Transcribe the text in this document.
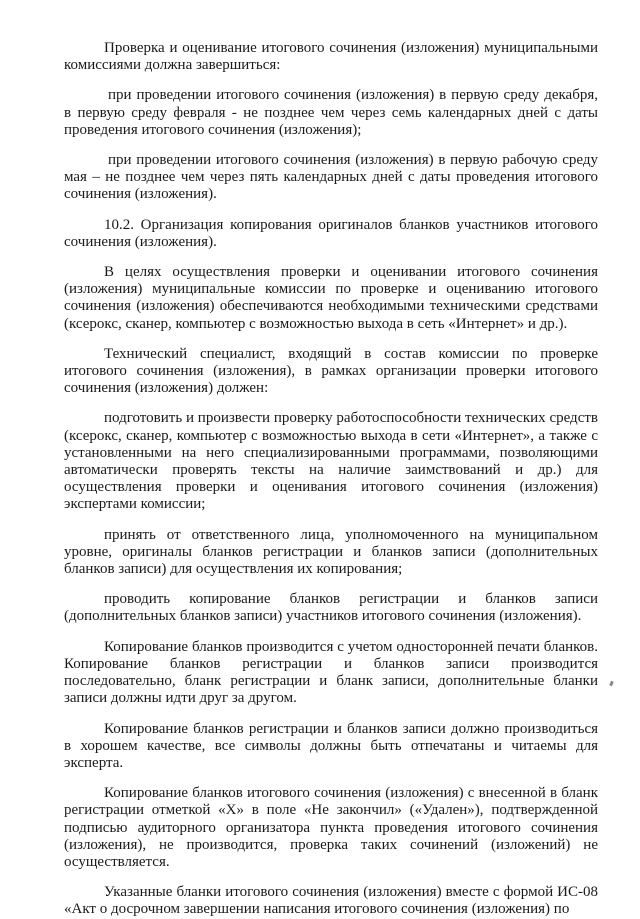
Проверка и оценивание итогового сочинения (изложения) муниципальными комиссиями должна завершиться:

при проведении итогового сочинения (изложения) в первую среду декабря, в первую среду февраля - не позднее чем через семь календарных дней с даты проведения итогового сочинения (изложения);

при проведении итогового сочинения (изложения) в первую рабочую среду мая – не позднее чем через пять календарных дней с даты проведения итогового сочинения (изложения).

10.2. Организация копирования оригиналов бланков участников итогового сочинения (изложения).

В целях осуществления проверки и оценивании итогового сочинения (изложения) муниципальные комиссии по проверке и оцениванию итогового сочинения (изложения) обеспечиваются необходимыми техническими средствами (ксерокс, сканер, компьютер с возможностью выхода в сеть «Интернет» и др.).

Технический специалист, входящий в состав комиссии по проверке итогового сочинения (изложения), в рамках организации проверки итогового сочинения (изложения) должен:

подготовить и произвести проверку работоспособности технических средств (ксерокс, сканер, компьютер с возможностью выхода в сети «Интернет», а также с установленными на него специализированными программами, позволяющими автоматически проверять тексты на наличие заимствований и др.) для осуществления проверки и оценивания итогового сочинения (изложения) экспертами комиссии;

принять от ответственного лица, уполномоченного на муниципальном уровне, оригиналы бланков регистрации и бланков записи (дополнительных бланков записи) для осуществления их копирования;

проводить копирование бланков регистрации и бланков записи (дополнительных бланков записи) участников итогового сочинения (изложения).

Копирование бланков производится с учетом односторонней печати бланков. Копирование бланков регистрации и бланков записи производится последовательно, бланк регистрации и бланк записи, дополнительные бланки записи должны идти друг за другом.

Копирование бланков регистрации и бланков записи должно производиться в хорошем качестве, все символы должны быть отпечатаны и читаемы для эксперта.

Копирование бланков итогового сочинения (изложения) с внесенной в бланк регистрации отметкой «Х» в поле «Не закончил» («Удален»), подтвержденной подписью аудиторного организатора пункта проведения итогового сочинения (изложения), не производится, проверка таких сочинений (изложений) не осуществляется.

Указанные бланки итогового сочинения (изложения) вместе с формой ИС-08 «Акт о досрочном завершении написания итогового сочинения (изложения) по
